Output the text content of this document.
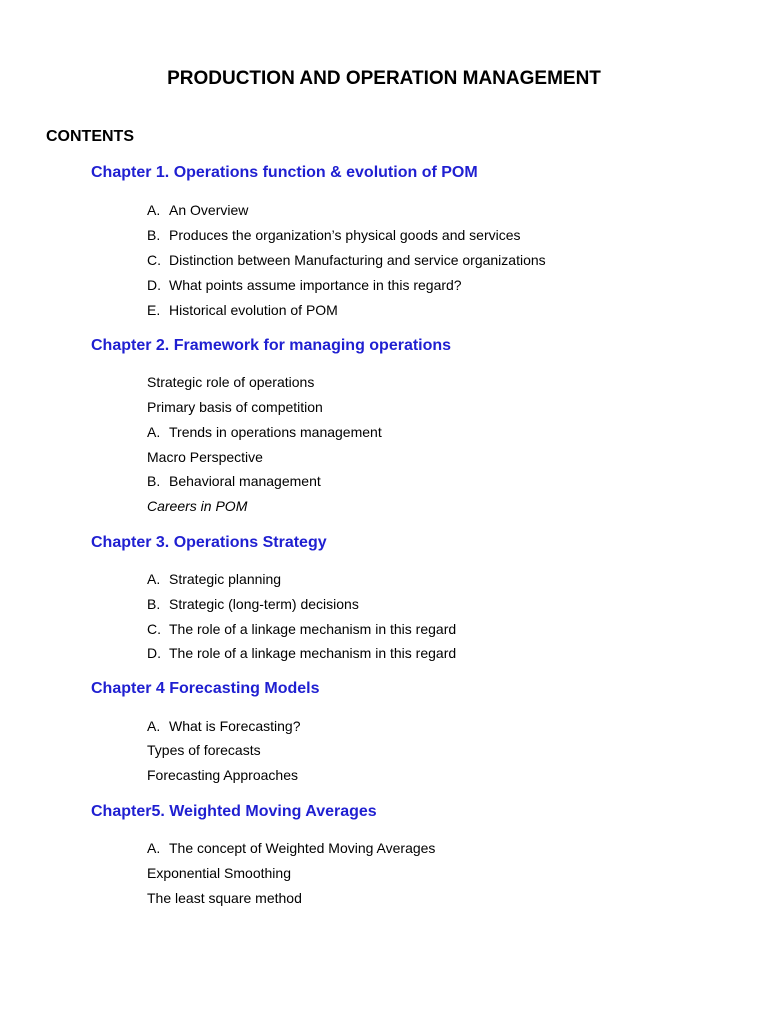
PRODUCTION AND OPERATION MANAGEMENT
CONTENTS
Chapter 1. Operations function & evolution of POM
A. An Overview
B. Produces the organization’s physical goods and services
C. Distinction between Manufacturing and service organizations
D. What points assume importance in this regard?
E. Historical evolution of POM
Chapter 2. Framework for managing operations
Strategic role of operations
Primary basis of competition
A. Trends in operations management
Macro Perspective
B. Behavioral management
Careers in POM
Chapter 3. Operations Strategy
A. Strategic planning
B. Strategic (long-term) decisions
C. The role of a linkage mechanism in this regard
D. The role of a linkage mechanism in this regard
Chapter 4 Forecasting Models
A. What is Forecasting?
Types of forecasts
Forecasting Approaches
Chapter5. Weighted Moving Averages
A. The concept of Weighted Moving Averages
Exponential Smoothing
The least square method
